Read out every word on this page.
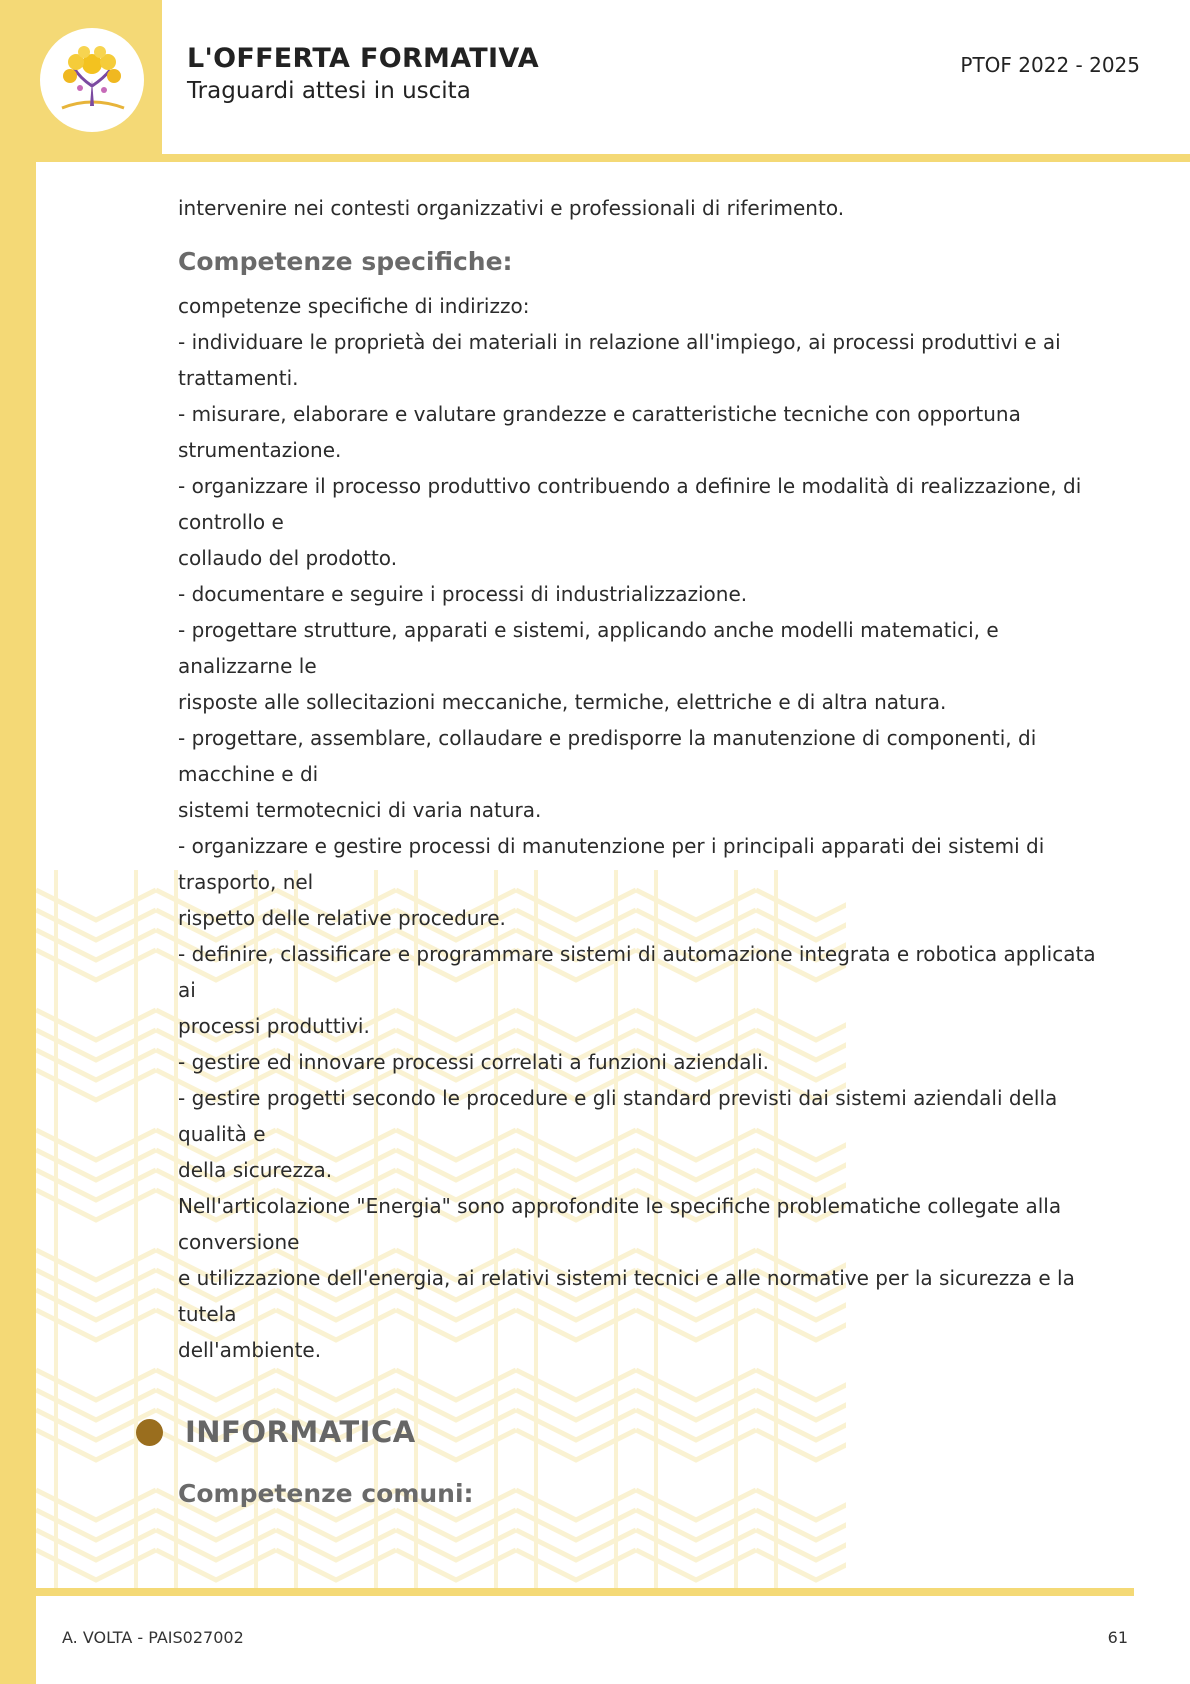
L'OFFERTA FORMATIVA
Traguardi attesi in uscita
PTOF 2022 - 2025

intervenire nei contesti organizzativi e professionali di riferimento.

Competenze specifiche:
competenze specifiche di indirizzo:
- individuare le proprietà dei materiali in relazione all'impiego, ai processi produttivi e ai
trattamenti.
- misurare, elaborare e valutare grandezze e caratteristiche tecniche con opportuna
strumentazione.
- organizzare il processo produttivo contribuendo a definire le modalità di realizzazione, di
controllo e
collaudo del prodotto.
- documentare e seguire i processi di industrializzazione.
- progettare strutture, apparati e sistemi, applicando anche modelli matematici, e
analizzarne le
risposte alle sollecitazioni meccaniche, termiche, elettriche e di altra natura.
- progettare, assemblare, collaudare e predisporre la manutenzione di componenti, di
macchine e di
sistemi termotecnici di varia natura.
- organizzare e gestire processi di manutenzione per i principali apparati dei sistemi di
trasporto, nel
rispetto delle relative procedure.
- definire, classificare e programmare sistemi di automazione integrata e robotica applicata
ai
processi produttivi.
- gestire ed innovare processi correlati a funzioni aziendali.
- gestire progetti secondo le procedure e gli standard previsti dai sistemi aziendali della
qualità e
della sicurezza.
Nell'articolazione "Energia" sono approfondite le specifiche problematiche collegate alla
conversione
e utilizzazione dell'energia, ai relativi sistemi tecnici e alle normative per la sicurezza e la
tutela
dell'ambiente.
INFORMATICA
Competenze comuni:
A. VOLTA - PAIS027002	61
